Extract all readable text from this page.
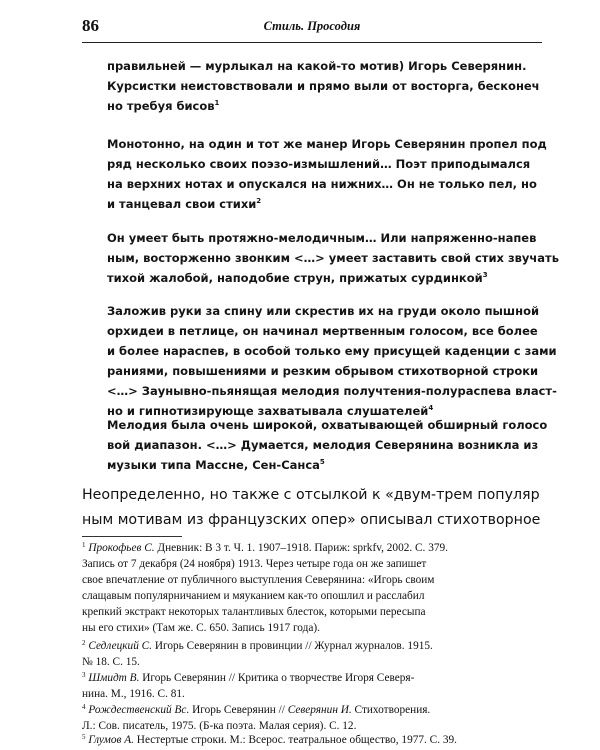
86	Стиль. Просодия
правильней — мурлыкал на какой-то мотив) Игорь Северянин.
Курсистки неистовствовали и прямо выли от восторга, бесконеч
но требуя бисов$^1$
Монотонно, на один и тот же манер Игорь Северянин пропел под
ряд несколько своих поэзо-измышлений… Поэт приподымался
на верхних нотах и опускался на нижних… Он не только пел, но
и танцевал свои стихи$^2$
Он умеет быть протяжно-мелодичным… Или напряженно-напев
ным, восторженно звонким <…> умеет заставить свой стих звучать
тихой жалобой, наподобие струн, прижатых сурдинкой$^3$
Заложив руки за спину или скрестив их на груди около пышной
орхидеи в петлице, он начинал мертвенным голосом, все более
и более нараспев, в особой только ему присущей каденции с зами
раниями, повышениями и резким обрывом стихотворной строки
<…> Заунывно-пьянящая мелодия получтения-полураспева власт-
но и гипнотизирующе захватывала слушателей$^4$
Мелодия была очень широкой, охватывающей обширный голосо
вой диапазон. <…> Думается, мелодия Северянина возникла из
музыки типа Массне, Сен-Санса$^5$
Неопределенно, но также с отсылкой к «двум-трем популяр
ным мотивам из французских опер» описывал стихотворное
$^1$ Прокофьев С. Дневник: В 3 т. Ч. 1. 1907–1918. Париж: sprkfv, 2002. С. 379.
Запись от 7 декабря (24 ноября) 1913. Через четыре года он же запишет
свое впечатление от публичного выступления Северянина: «Игорь своим
слащавым популярничанием и мяуканием как-то опошлил и расслабил
крепкий экстракт некоторых талантливых блесток, которыми пересыпа
ны его стихи» (Там же. С. 650. Запись 1917 года).
$^2$ Седлецкий С. Игорь Северянин в провинции // Журнал журналов. 1915.
№ 18. С. 15.
$^3$ Шмидт В. Игорь Северянин // Критика о творчестве Игоря Северя-
нина. М., 1916. С. 81.
$^4$ Рождественский Вс. Игорь Северянин // Северянин И. Стихотворения.
Л.: Сов. писатель, 1975. (Б-ка поэта. Малая серия). С. 12.
$^5$ Глумов А. Нестертые строки. М.: Всерос. театральное общество, 1977. С. 39.
